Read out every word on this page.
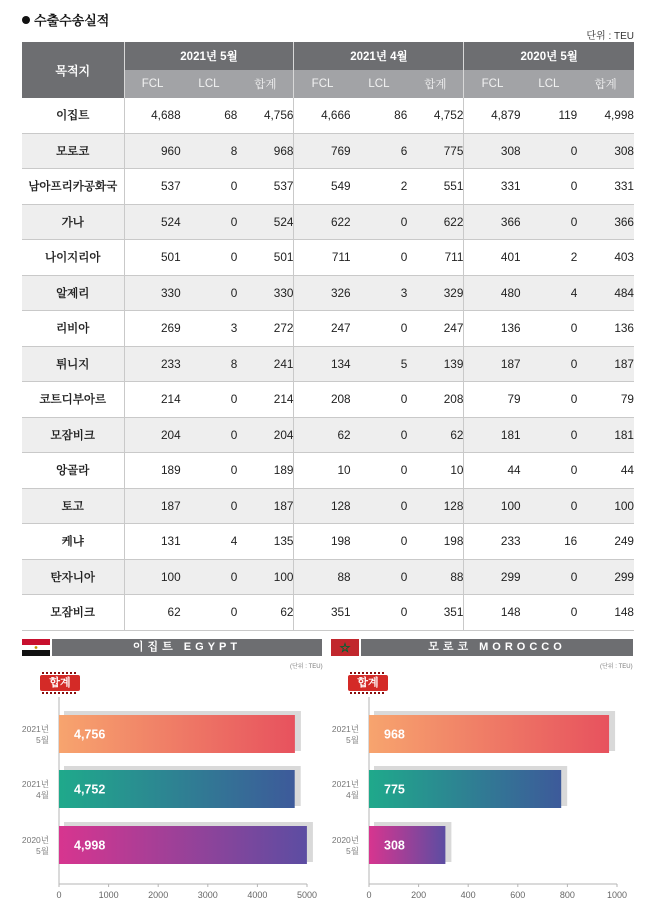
수출수송실적
단위 : TEU
목적지	2021년 5월			2021년 4월			2020년 5월		
	FCL	LCL	합계	FCL	LCL	합계	FCL	LCL	합계
이집트	4,688	68	4,756	4,666	86	4,752	4,879	119	4,998
모로코	960	8	968	769	6	775	308	0	308
남아프리카공화국	537	0	537	549	2	551	331	0	331
가나	524	0	524	622	0	622	366	0	366
나이지리아	501	0	501	711	0	711	401	2	403
알제리	330	0	330	326	3	329	480	4	484
리비아	269	3	272	247	0	247	136	0	136
튀니지	233	8	241	134	5	139	187	0	187
코트디부아르	214	0	214	208	0	208	79	0	79
모잠비크	204	0	204	62	0	62	181	0	181
앙골라	189	0	189	10	0	10	44	0	44
토고	187	0	187	128	0	128	100	0	100
케냐	131	4	135	198	0	198	233	16	249
탄자니아	100	0	100	88	0	88	299	0	299
모잠비크	62	0	62	351	0	351	148	0	148
이집트 EGYPT
(단위 : TEU)
합계
0	1000	2000	3000	4000	5000
4,756
2021년
5월
4,752
2021년
4월
4,998
2020년
5월
모로코 MOROCCO
(단위 : TEU)
합계
0	200	400	600	800	1000
968
2021년
5월
775
2021년
4월
308
2020년
5월
